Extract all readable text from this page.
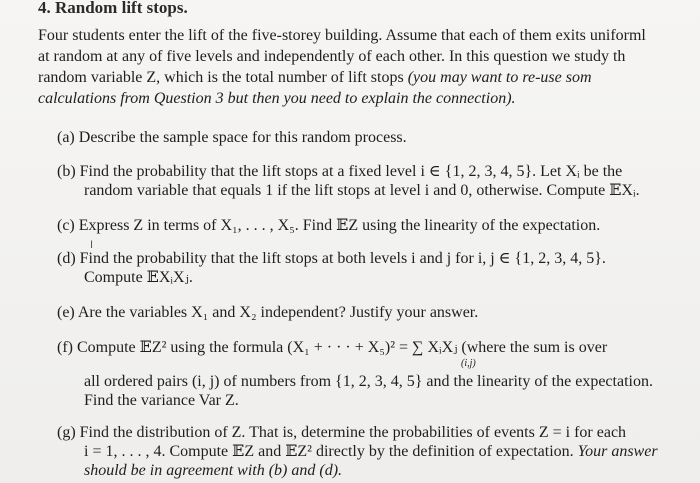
4. Random lift stops.
Four students enter the lift of the five-storey building. Assume that each of them exits uniforml
at random at any of five levels and independently of each other. In this question we study th
random variable Z, which is the total number of lift stops (you may want to re-use som
calculations from Question 3 but then you need to explain the connection).
(a) Describe the sample space for this random process.
(b) Find the probability that the lift stops at a fixed level i ∈ {1, 2, 3, 4, 5}. Let Xᵢ be the
random variable that equals 1 if the lift stops at level i and 0, otherwise. Compute 𝔼Xᵢ.
(c) Express Z in terms of X₁, . . . , X₅. Find 𝔼Z using the linearity of the expectation.
I
(d) Find the probability that the lift stops at both levels i and j for i, j ∈ {1, 2, 3, 4, 5}.
Compute 𝔼XᵢXⱼ.
(e) Are the variables X₁ and X₂ independent? Justify your answer.
(f) Compute 𝔼Z² using the formula (X₁ + · · · + X₅)² = ∑ XᵢXⱼ (where the sum is over
all ordered pairs (i, j) of numbers from {1, 2, 3, 4, 5} and the linearity of the expectation.
Find the variance Var Z.
(i,j)
(g) Find the distribution of Z. That is, determine the probabilities of events Z = i for each
i = 1, . . . , 4. Compute 𝔼Z and 𝔼Z² directly by the definition of expectation. Your answer
should be in agreement with (b) and (d).
